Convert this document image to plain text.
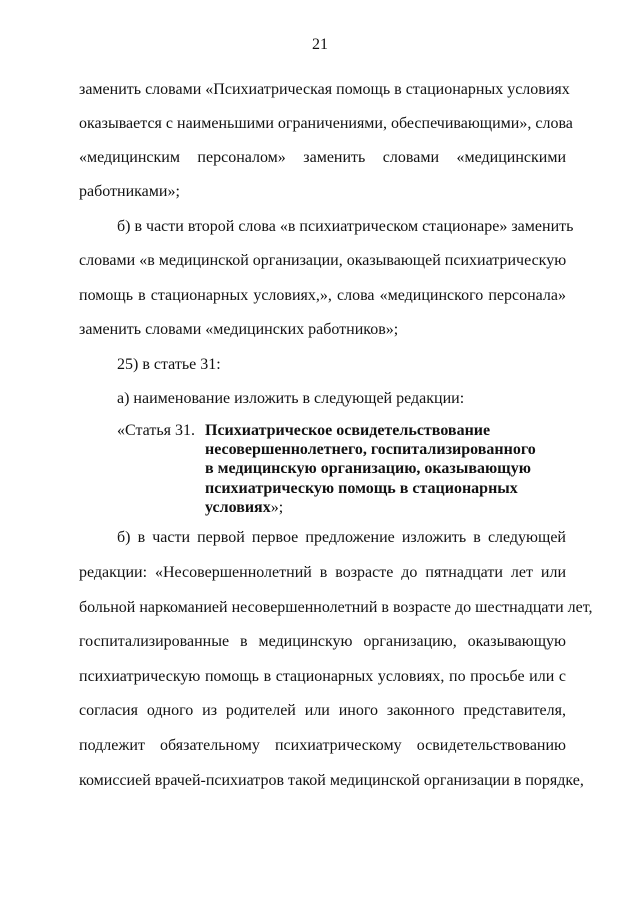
21
заменить словами «Психиатрическая помощь в стационарных условиях
оказывается с наименьшими ограничениями, обеспечивающими», слова
«медицинским персоналом» заменить словами «медицинскими
работниками»;
б) в части второй слова «в психиатрическом стационаре» заменить
словами «в медицинской организации, оказывающей психиатрическую
помощь в стационарных условиях,», слова «медицинского персонала»
заменить словами «медицинских работников»;
25) в статье 31:
а) наименование изложить в следующей редакции:
«Статья 31. Психиатрическое освидетельствование
несовершеннолетнего, госпитализированного
в медицинскую организацию, оказывающую
психиатрическую помощь в стационарных
условиях»;
б) в части первой первое предложение изложить в следующей
редакции: «Несовершеннолетний в возрасте до пятнадцати лет или
больной наркоманией несовершеннолетний в возрасте до шестнадцати лет,
госпитализированные в медицинскую организацию, оказывающую
психиатрическую помощь в стационарных условиях, по просьбе или с
согласия одного из родителей или иного законного представителя,
подлежит обязательному психиатрическому освидетельствованию
комиссией врачей-психиатров такой медицинской организации в порядке,
